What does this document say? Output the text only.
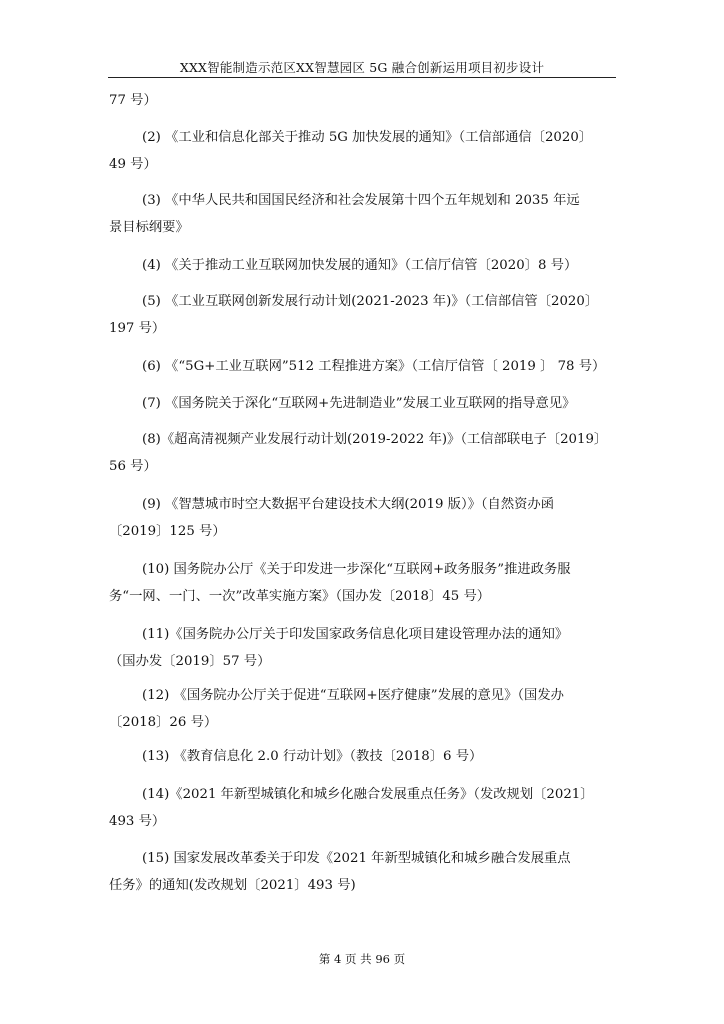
XXX智能制造示范区XX智慧园区 5G 融合创新运用项目初步设计
77 号）
(2) 《工业和信息化部关于推动 5G 加快发展的通知》（工信部通信〔2020〕
49 号）
(3) 《中华人民共和国国民经济和社会发展第十四个五年规划和 2035 年远
景目标纲要》
(4) 《关于推动工业互联网加快发展的通知》（工信厅信管〔2020〕8 号）
(5) 《工业互联网创新发展行动计划(2021-2023 年)》（工信部信管〔2020〕
197 号）
(6) 《“5G+工业互联网”512 工程推进方案》（工信厅信管〔 2019 〕 78 号）
(7) 《国务院关于深化“互联网+先进制造业”发展工业互联网的指导意见》
(8)《超高清视频产业发展行动计划(2019-2022 年)》（工信部联电子〔2019〕
56 号）
(9) 《智慧城市时空大数据平台建设技术大纲(2019 版）》（自然资办函
〔2019〕125 号）
(10) 国务院办公厅《关于印发进一步深化“互联网+政务服务”推进政务服
务“一网、一门、一次”改革实施方案》（国办发〔2018〕45 号）
(11)《国务院办公厅关于印发国家政务信息化项目建设管理办法的通知》
（国办发〔2019〕57 号）
(12) 《国务院办公厅关于促进“互联网+医疗健康”发展的意见》（国发办
〔2018〕26 号）
(13) 《教育信息化 2.0 行动计划》（教技〔2018〕6 号）
(14)《2021 年新型城镇化和城乡化融合发展重点任务》（发改规划〔2021〕
493 号）
(15) 国家发展改革委关于印发《2021 年新型城镇化和城乡融合发展重点
任务》的通知(发改规划〔2021〕493 号)
第 4 页 共 96 页
